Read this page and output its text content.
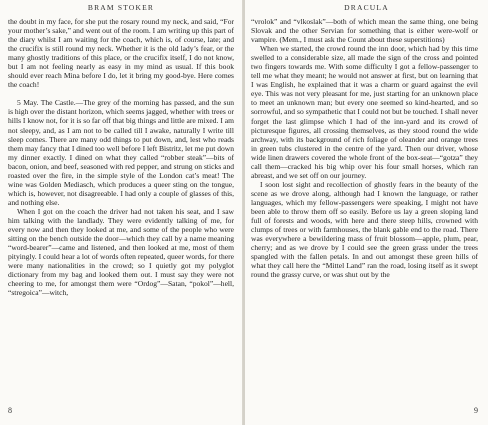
BRAM STOKER

the doubt in my face, for she put the rosary round my neck, and said, “For your mother’s sake,” and went out of the room. I am writing up this part of the diary whilst I am waiting for the coach, which is, of course, late; and the crucifix is still round my neck. Whether it is the old lady’s fear, or the many ghostly traditions of this place, or the crucifix itself, I do not know, but I am not feeling nearly as easy in my mind as usual. If this book should ever reach Mina before I do, let it bring my good-bye. Here comes the coach!

5 May. The Castle.—The grey of the morning has passed, and the sun is high over the distant horizon, which seems jagged, whether with trees or hills I know not, for it is so far off that big things and little are mixed. I am not sleepy, and, as I am not to be called till I awake, naturally I write till sleep comes. There are many odd things to put down, and, lest who reads them may fancy that I dined too well before I left Bistritz, let me put down my dinner exactly. I dined on what they called “robber steak”—bits of bacon, onion, and beef, seasoned with red pepper, and strung on sticks and roasted over the fire, in the simple style of the London cat’s meat! The wine was Golden Mediasch, which produces a queer sting on the tongue, which is, however, not disagreeable. I had only a couple of glasses of this, and nothing else.

When I got on the coach the driver had not taken his seat, and I saw him talking with the landlady. They were evidently talking of me, for every now and then they looked at me, and some of the people who were sitting on the bench outside the door—which they call by a name meaning “word-bearer”—came and listened, and then looked at me, most of them pityingly. I could hear a lot of words often repeated, queer words, for there were many nationalities in the crowd; so I quietly got my polyglot dictionary from my bag and looked them out. I must say they were not cheering to me, for amongst them were “Ordog”—Satan, “pokol”—hell, “stregoica”—witch,

8
DRACULA

“vrolok” and “vlkoslak”—both of which mean the same thing, one being Slovak and the other Servian for something that is either were-wolf or vampire. (Mem., I must ask the Count about these superstitions)

When we started, the crowd round the inn door, which had by this time swelled to a considerable size, all made the sign of the cross and pointed two fingers towards me. With some difficulty I got a fellow-passenger to tell me what they meant; he would not answer at first, but on learning that I was English, he explained that it was a charm or guard against the evil eye. This was not very pleasant for me, just starting for an unknown place to meet an unknown man; but every one seemed so kind-hearted, and so sorrowful, and so sympathetic that I could not but be touched. I shall never forget the last glimpse which I had of the inn-yard and its crowd of picturesque figures, all crossing themselves, as they stood round the wide archway, with its background of rich foliage of oleander and orange trees in green tubs clustered in the centre of the yard. Then our driver, whose wide linen drawers covered the whole front of the box-seat—“gotza” they call them—cracked his big whip over his four small horses, which ran abreast, and we set off on our journey.

I soon lost sight and recollection of ghostly fears in the beauty of the scene as we drove along, although had I known the language, or rather languages, which my fellow-passengers were speaking, I might not have been able to throw them off so easily. Before us lay a green sloping land full of forests and woods, with here and there steep hills, crowned with clumps of trees or with farmhouses, the blank gable end to the road. There was everywhere a bewildering mass of fruit blossom—apple, plum, pear, cherry; and as we drove by I could see the green grass under the trees spangled with the fallen petals. In and out amongst these green hills of what they call here the “Mittel Land” ran the road, losing itself as it swept round the grassy curve, or was shut out by the

9
